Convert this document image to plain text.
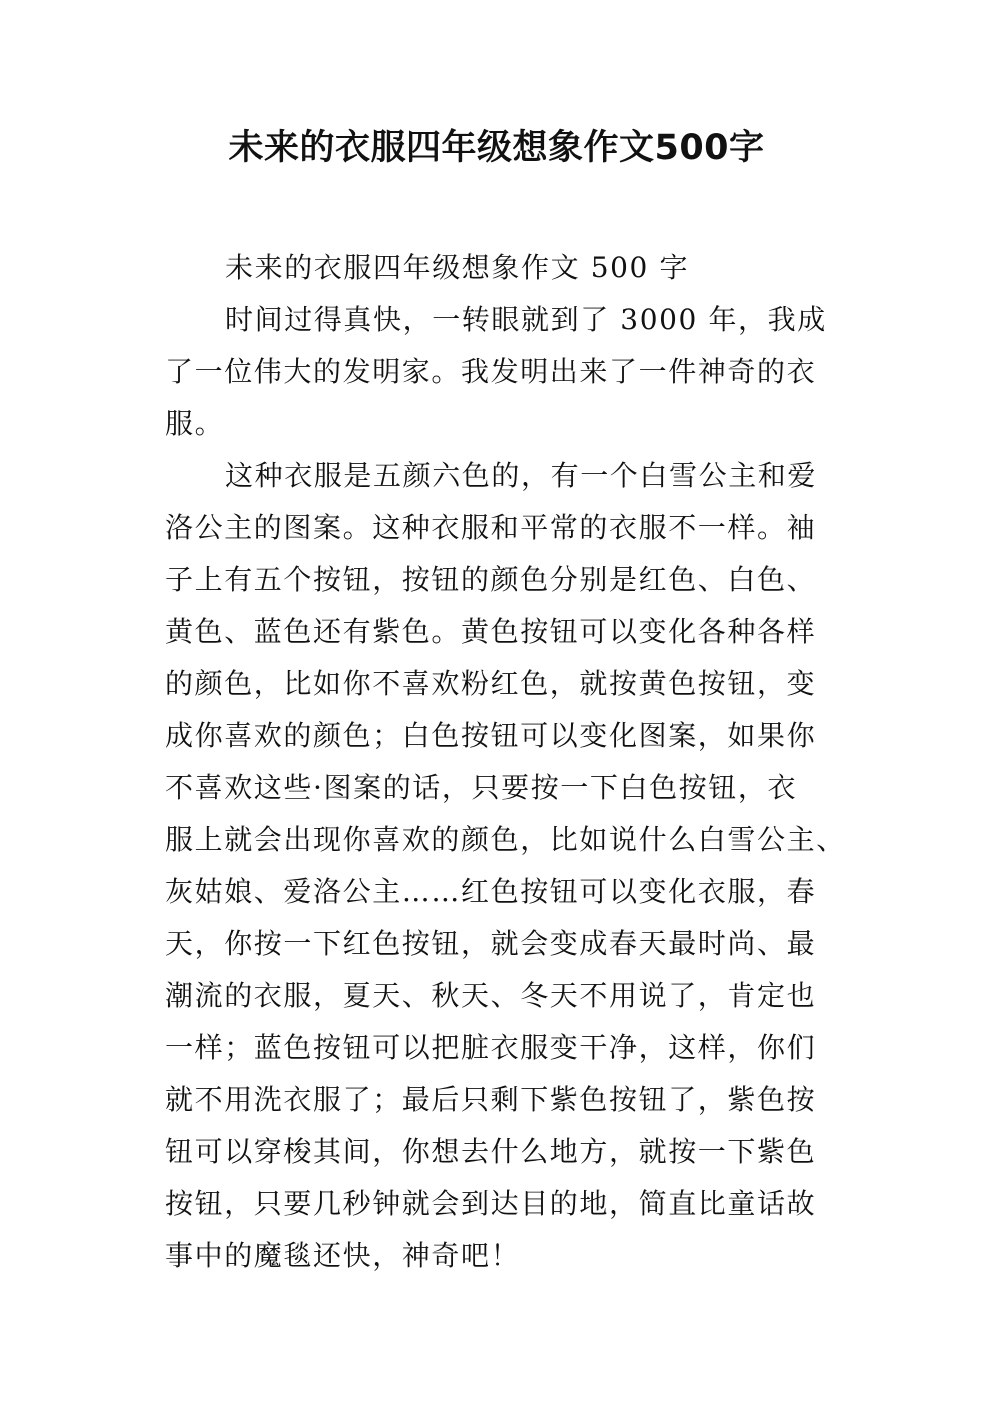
未来的衣服四年级想象作文500字
未来的衣服四年级想象作文 500 字
时间过得真快，一转眼就到了 3000 年，我成
了一位伟大的发明家。我发明出来了一件神奇的衣
服。
这种衣服是五颜六色的，有一个白雪公主和爱
洛公主的图案。这种衣服和平常的衣服不一样。袖
子上有五个按钮，按钮的颜色分别是红色、白色、
黄色、蓝色还有紫色。黄色按钮可以变化各种各样
的颜色，比如你不喜欢粉红色，就按黄色按钮，变
成你喜欢的颜色；白色按钮可以变化图案，如果你
不喜欢这些·图案的话，只要按一下白色按钮，衣
服上就会出现你喜欢的颜色，比如说什么白雪公主、
灰姑娘、爱洛公主……红色按钮可以变化衣服，春
天，你按一下红色按钮，就会变成春天最时尚、最
潮流的衣服，夏天、秋天、冬天不用说了，肯定也
一样；蓝色按钮可以把脏衣服变干净，这样，你们
就不用洗衣服了；最后只剩下紫色按钮了，紫色按
钮可以穿梭其间，你想去什么地方，就按一下紫色
按钮，只要几秒钟就会到达目的地，简直比童话故
事中的魔毯还快，神奇吧！
